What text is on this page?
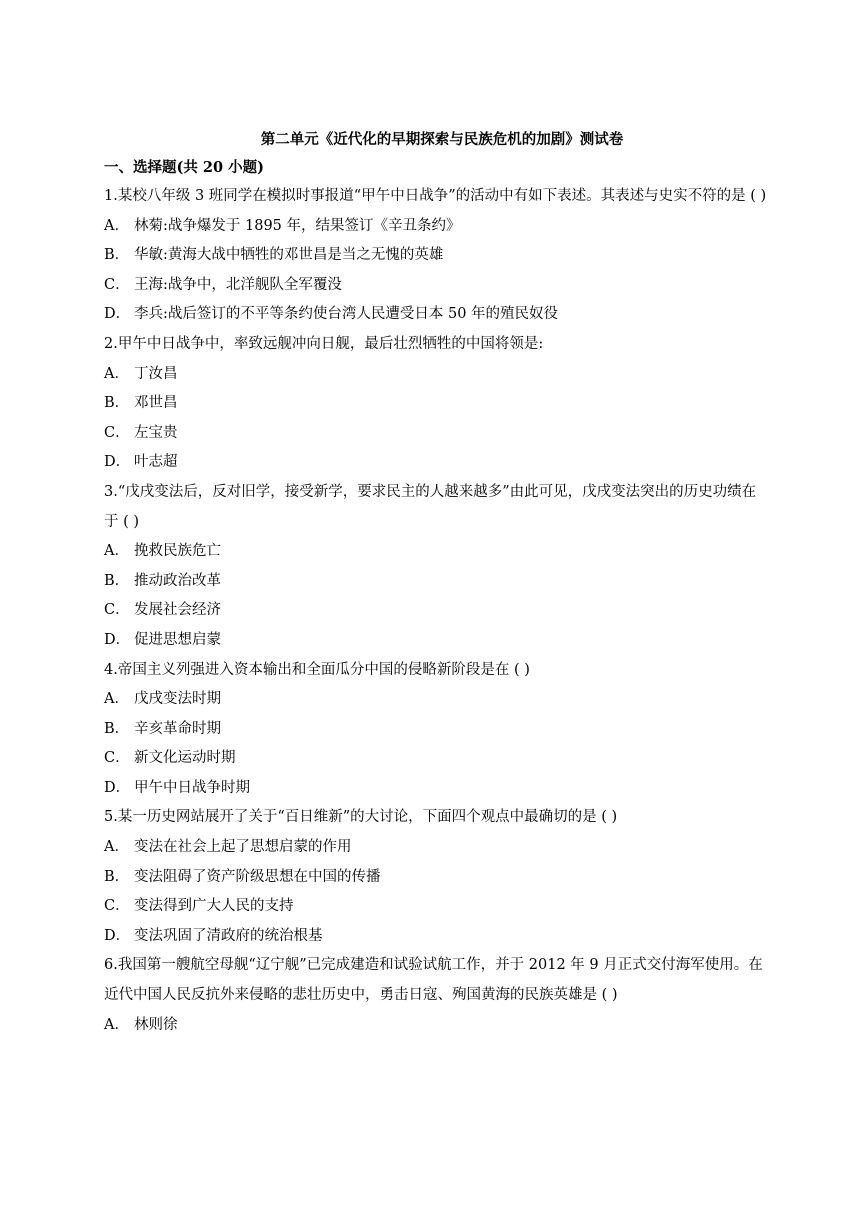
第二单元《近代化的早期探索与民族危机的加剧》测试卷
一、选择题(共 20 小题)

1.某校八年级 3 班同学在模拟时事报道“甲午中日战争”的活动中有如下表述。其表述与史实不符的是 ( )

A． 林菊:战争爆发于 1895 年，结果签订《辛丑条约》
B． 华敏:黄海大战中牺牲的邓世昌是当之无愧的英雄
C． 王海:战争中，北洋舰队全军覆没
D． 李兵:战后签订的不平等条约使台湾人民遭受日本 50 年的殖民奴役

2.甲午中日战争中，率致远舰冲向日舰，最后壮烈牺牲的中国将领是:

A． 丁汝昌
B． 邓世昌
C． 左宝贵
D． 叶志超

3.“戊戌变法后，反对旧学，接受新学，要求民主的人越来越多”由此可见，戊戌变法突出的历史功绩在于 ( )

A． 挽救民族危亡
B． 推动政治改革
C． 发展社会经济
D． 促进思想启蒙

4.帝国主义列强进入资本输出和全面瓜分中国的侵略新阶段是在 ( )

A． 戊戌变法时期
B． 辛亥革命时期
C． 新文化运动时期
D． 甲午中日战争时期

5.某一历史网站展开了关于“百日维新”的大讨论，下面四个观点中最确切的是 ( )

A． 变法在社会上起了思想启蒙的作用
B． 变法阻碍了资产阶级思想在中国的传播
C． 变法得到广大人民的支持
D． 变法巩固了清政府的统治根基

6.我国第一艘航空母舰“辽宁舰”已完成建造和试验试航工作，并于 2012 年 9 月正式交付海军使用。在近代中国人民反抗外来侵略的悲壮历史中，勇击日寇、殉国黄海的民族英雄是 ( )

A． 林则徐
